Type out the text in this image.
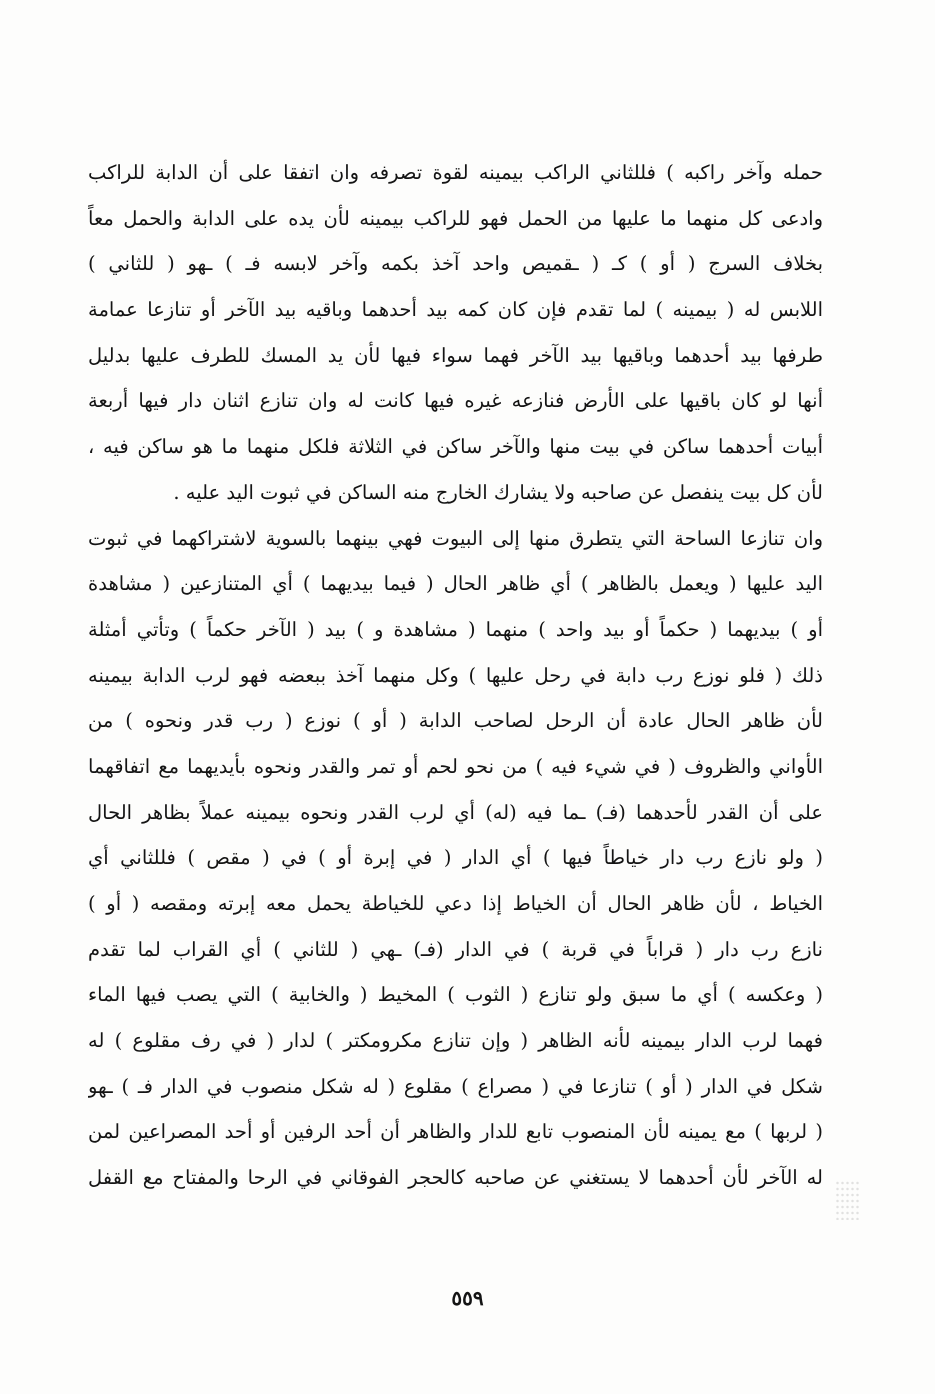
حمله وآخر راكبه ) فللثاني الراكب بيمينه لقوة تصرفه وان اتفقا على أن الدابة للراكب
وادعى كل منهما ما عليها من الحمل فهو للراكب بيمينه لأن يده على الدابة والحمل معاً
بخلاف السرج ( أو ) كـ ( ـقميص واحد آخذ بكمه وآخر لابسه فـ ) ـهو ( للثاني )
اللابس له ( بيمينه ) لما تقدم فإن كان كمه بيد أحدهما وباقيه بيد الآخر أو تنازعا عمامة
طرفها بيد أحدهما وباقيها بيد الآخر فهما سواء فيها لأن يد المسك للطرف عليها بدليل
أنها لو كان باقيها على الأرض فنازعه غيره فيها كانت له وان تنازع اثنان دار فيها أربعة
أبيات أحدهما ساكن في بيت منها والآخر ساكن في الثلاثة فلكل منهما ما هو ساكن فيه ،
لأن كل بيت ينفصل عن صاحبه ولا يشارك الخارج منه الساكن في ثبوت اليد عليه .
وان تنازعا الساحة التي يتطرق منها إلى البيوت فهي بينهما بالسوية لاشتراكهما في ثبوت
اليد عليها ( ويعمل بالظاهر ) أي ظاهر الحال ( فيما بيديهما ) أي المتنازعين ( مشاهدة
أو ) بيديهما ( حكماً أو بيد واحد ) منهما ( مشاهدة و ) بيد ( الآخر حكماً ) وتأتي أمثلة
ذلك ( فلو نوزع رب دابة في رحل عليها ) وكل منهما آخذ ببعضه فهو لرب الدابة بيمينه
لأن ظاهر الحال عادة أن الرحل لصاحب الدابة ( أو ) نوزع ( رب قدر ونحوه ) من
الأواني والظروف ( في شيء فيه ) من نحو لحم أو تمر والقدر ونحوه بأيديهما مع اتفاقهما
على أن القدر لأحدهما (فـ) ـما فيه (له) أي لرب القدر ونحوه بيمينه عملاً بظاهر الحال
( ولو نازع رب دار خياطاً فيها ) أي الدار ( في إبرة أو ) في ( مقص ) فللثاني أي
الخياط ، لأن ظاهر الحال أن الخياط إذا دعي للخياطة يحمل معه إبرته ومقصه ( أو )
نازع رب دار ( قراباً في قربة ) في الدار (فـ) ـهي ( للثاني ) أي القراب لما تقدم
( وعكسه ) أي ما سبق ولو تنازع ( الثوب ) المخيط ( والخابية ) التي يصب فيها الماء
فهما لرب الدار بيمينه لأنه الظاهر ( وإن تنازع مكرومكتر ) لدار ( في رف مقلوع ) له
شكل في الدار ( أو ) تنازعا في ( مصراع ) مقلوع ( له شكل منصوب في الدار فـ ) ـهو
( لربها ) مع يمينه لأن المنصوب تابع للدار والظاهر أن أحد الرفين أو أحد المصراعين لمن
له الآخر لأن أحدهما لا يستغني عن صاحبه كالحجر الفوقاني في الرحا والمفتاح مع القفل
٥٥٩
